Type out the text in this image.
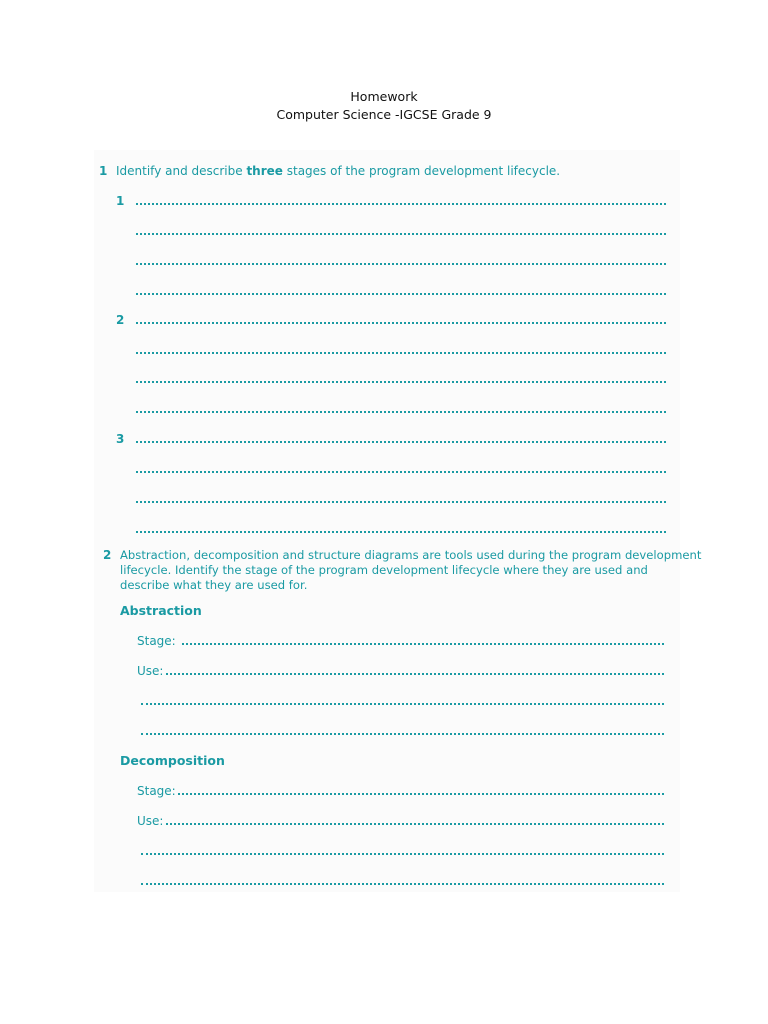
Homework
Computer Science -IGCSE Grade 9
1 Identify and describe three stages of the program development lifecycle.
1
2
3
2 Abstraction, decomposition and structure diagrams are tools used during the program development
lifecycle. Identify the stage of the program development lifecycle where they are used and
describe what they are used for.
Abstraction
Stage:
Use:
Decomposition
Stage:
Use:
